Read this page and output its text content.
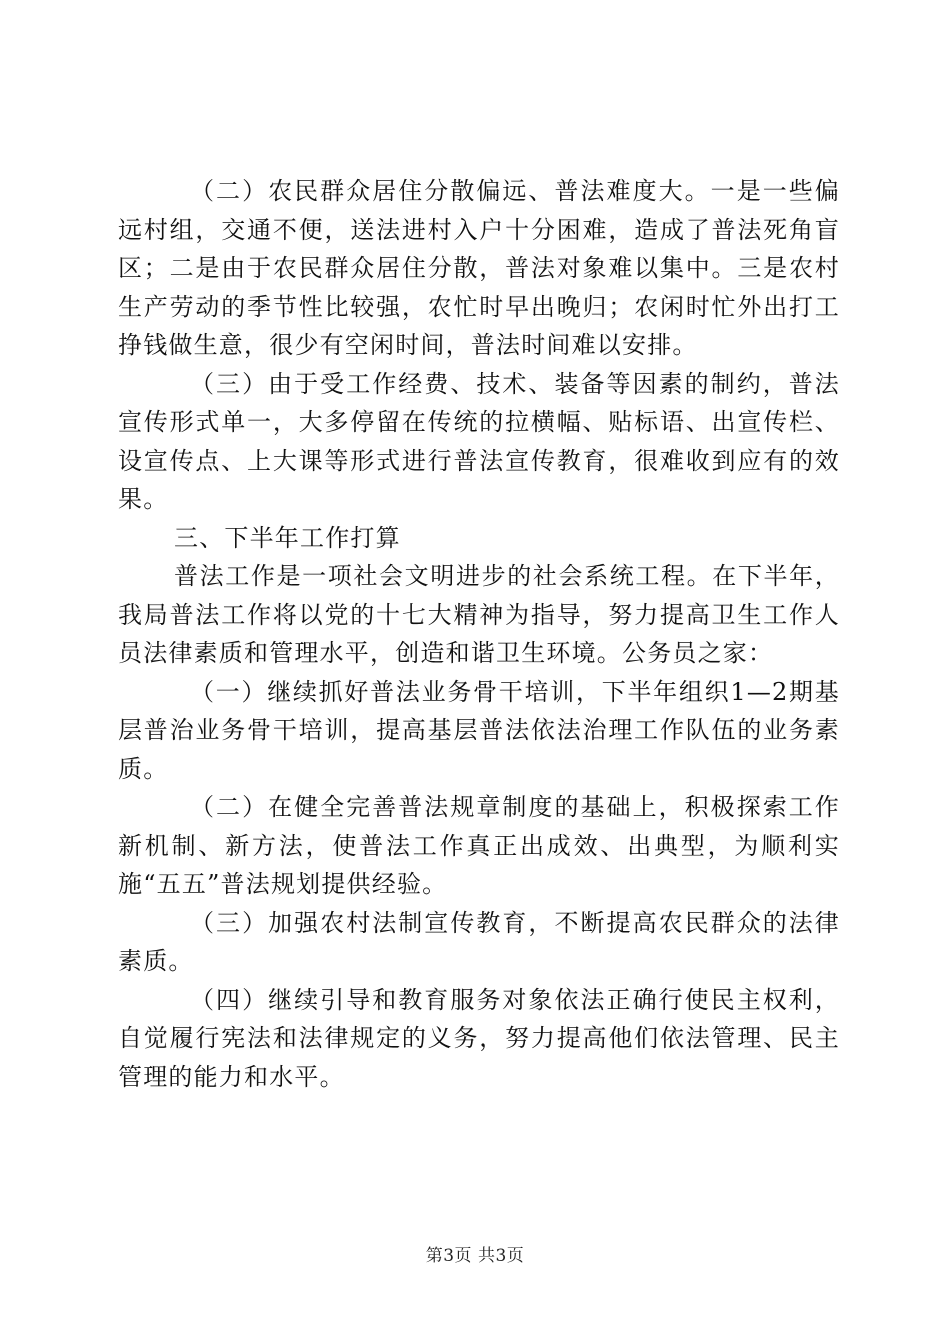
（二）农民群众居住分散偏远、普法难度大。一是一些偏远村组，交通不便，送法进村入户十分困难，造成了普法死角盲区；二是由于农民群众居住分散，普法对象难以集中。三是农村生产劳动的季节性比较强，农忙时早出晚归；农闲时忙外出打工挣钱做生意，很少有空闲时间，普法时间难以安排。

（三）由于受工作经费、技术、装备等因素的制约，普法宣传形式单一，大多停留在传统的拉横幅、贴标语、出宣传栏、设宣传点、上大课等形式进行普法宣传教育，很难收到应有的效果。

三、下半年工作打算

普法工作是一项社会文明进步的社会系统工程。在下半年，我局普法工作将以党的十七大精神为指导，努力提高卫生工作人员法律素质和管理水平，创造和谐卫生环境。公务员之家：

（一）继续抓好普法业务骨干培训，下半年组织1—2期基层普治业务骨干培训，提高基层普法依法治理工作队伍的业务素质。

（二）在健全完善普法规章制度的基础上，积极探索工作新机制、新方法，使普法工作真正出成效、出典型，为顺利实施“五五”普法规划提供经验。

（三）加强农村法制宣传教育，不断提高农民群众的法律素质。

（四）继续引导和教育服务对象依法正确行使民主权利，自觉履行宪法和法律规定的义务，努力提高他们依法管理、民主管理的能力和水平。

第3页 共3页
